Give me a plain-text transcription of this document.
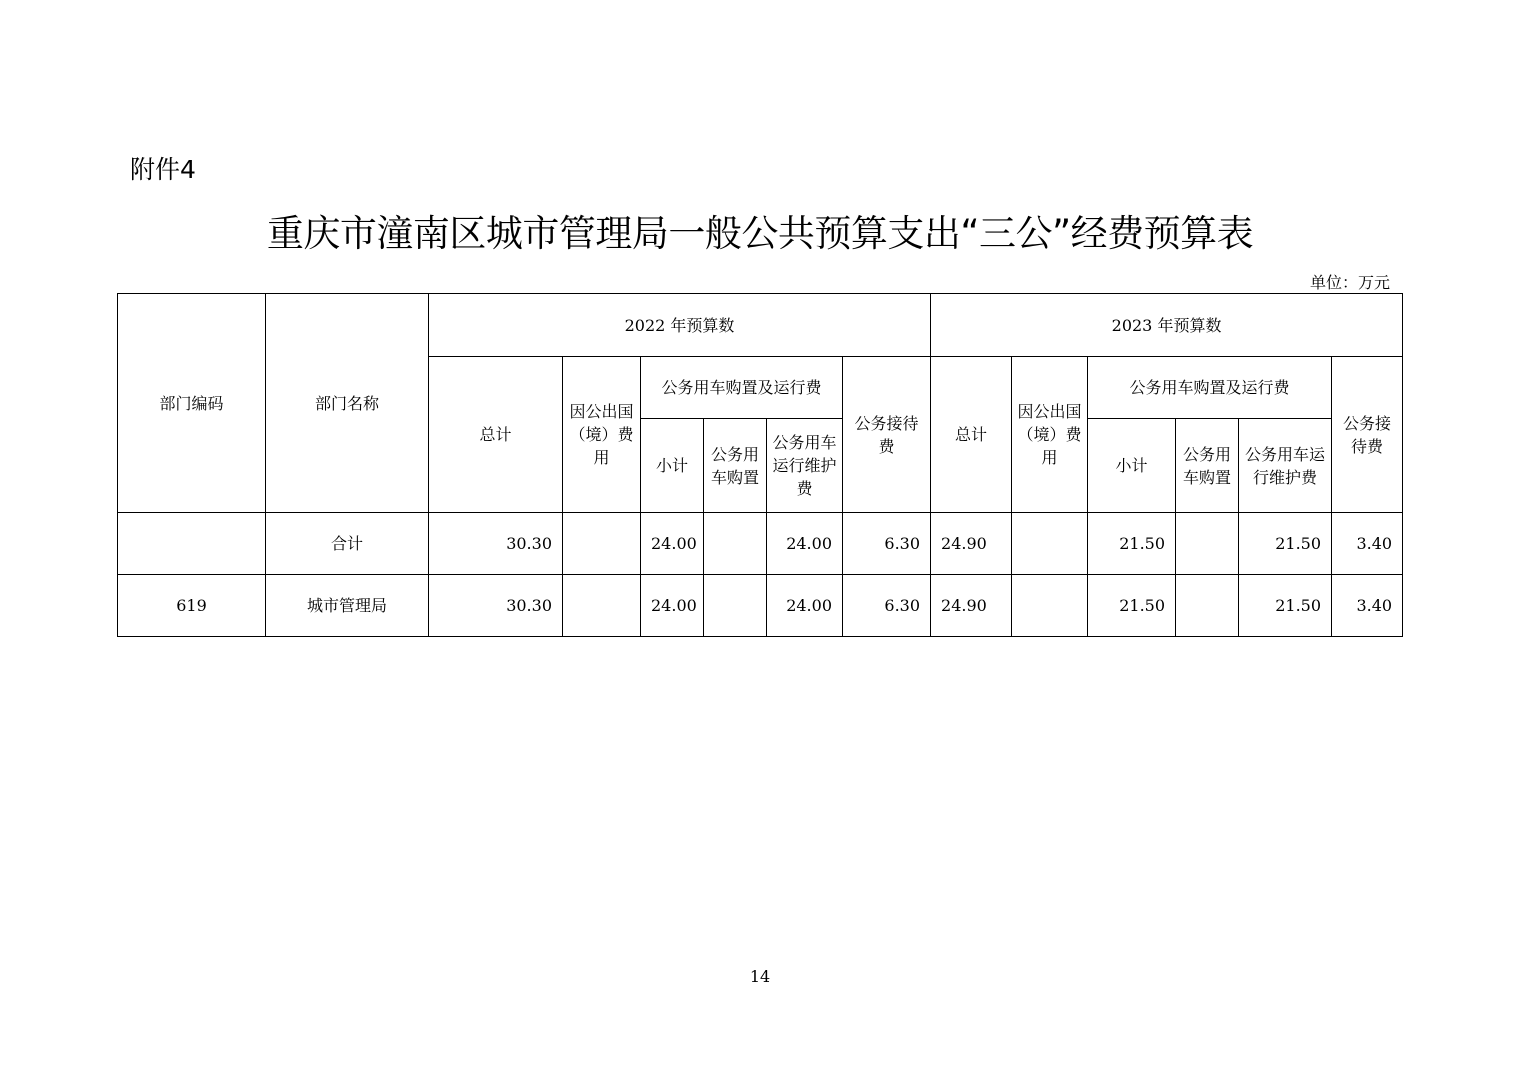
附件4
重庆市潼南区城市管理局一般公共预算支出“三公”经费预算表
单位：万元
部门编码	部门名称	2022 年预算数						2023 年预算数					
		总计	因公出国（境）费用	公务用车购置及运行费			公务接待费	总计	因公出国（境）费用	公务用车购置及运行费			公务接待费
				小计	公务用车购置	公务用车运行维护费				小计	公务用车购置	公务用车运行维护费	
	合计	30.30		24.00		24.00	6.30	24.90		21.50		21.50	3.40
619	城市管理局	30.30		24.00		24.00	6.30	24.90		21.50		21.50	3.40
14
